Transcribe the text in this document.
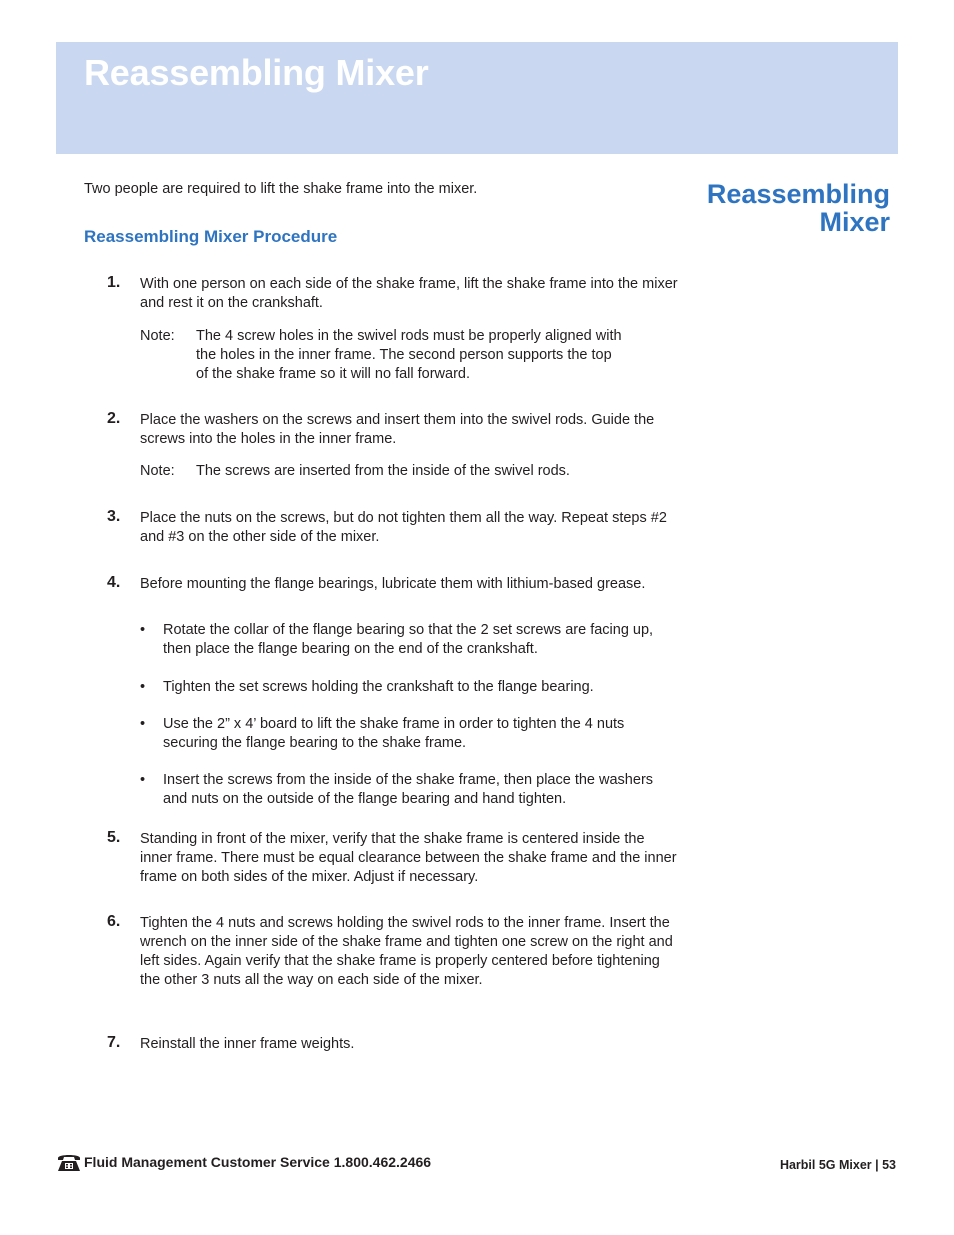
Reassembling Mixer
Reassembling
Mixer

Two people are required to lift the shake frame into the mixer.

Reassembling Mixer Procedure
1. With one person on each side of the shake frame, lift the shake frame into the mixer and rest it on the crankshaft.

Note: The 4 screw holes in the swivel rods must be properly aligned with the holes in the inner frame. The second person supports the top of the shake frame so it will no fall forward.

2. Place the washers on the screws and insert them into the swivel rods. Guide the screws into the holes in the inner frame.

Note: The screws are inserted from the inside of the swivel rods.

3. Place the nuts on the screws, but do not tighten them all the way. Repeat steps #2 and #3 on the other side of the mixer.

4. Before mounting the flange bearings, lubricate them with lithium-based grease.

• Rotate the collar of the flange bearing so that the 2 set screws are facing up, then place the flange bearing on the end of the crankshaft.

• Tighten the set screws holding the crankshaft to the flange bearing.

• Use the 2” x 4’ board to lift the shake frame in order to tighten the 4 nuts securing the flange bearing to the shake frame.

• Insert the screws from the inside of the shake frame, then place the washers and nuts on the outside of the flange bearing and hand tighten.

5. Standing in front of the mixer, verify that the shake frame is centered inside the inner frame. There must be equal clearance between the shake frame and the inner frame on both sides of the mixer. Adjust if necessary.

6. Tighten the 4 nuts and screws holding the swivel rods to the inner frame. Insert the wrench on the inner side of the shake frame and tighten one screw on the right and left sides. Again verify that the shake frame is properly centered before tightening the other 3 nuts all the way on each side of the mixer.

7. Reinstall the inner frame weights.

Fluid Management Customer Service 1.800.462.2466	Harbil 5G Mixer | 53
